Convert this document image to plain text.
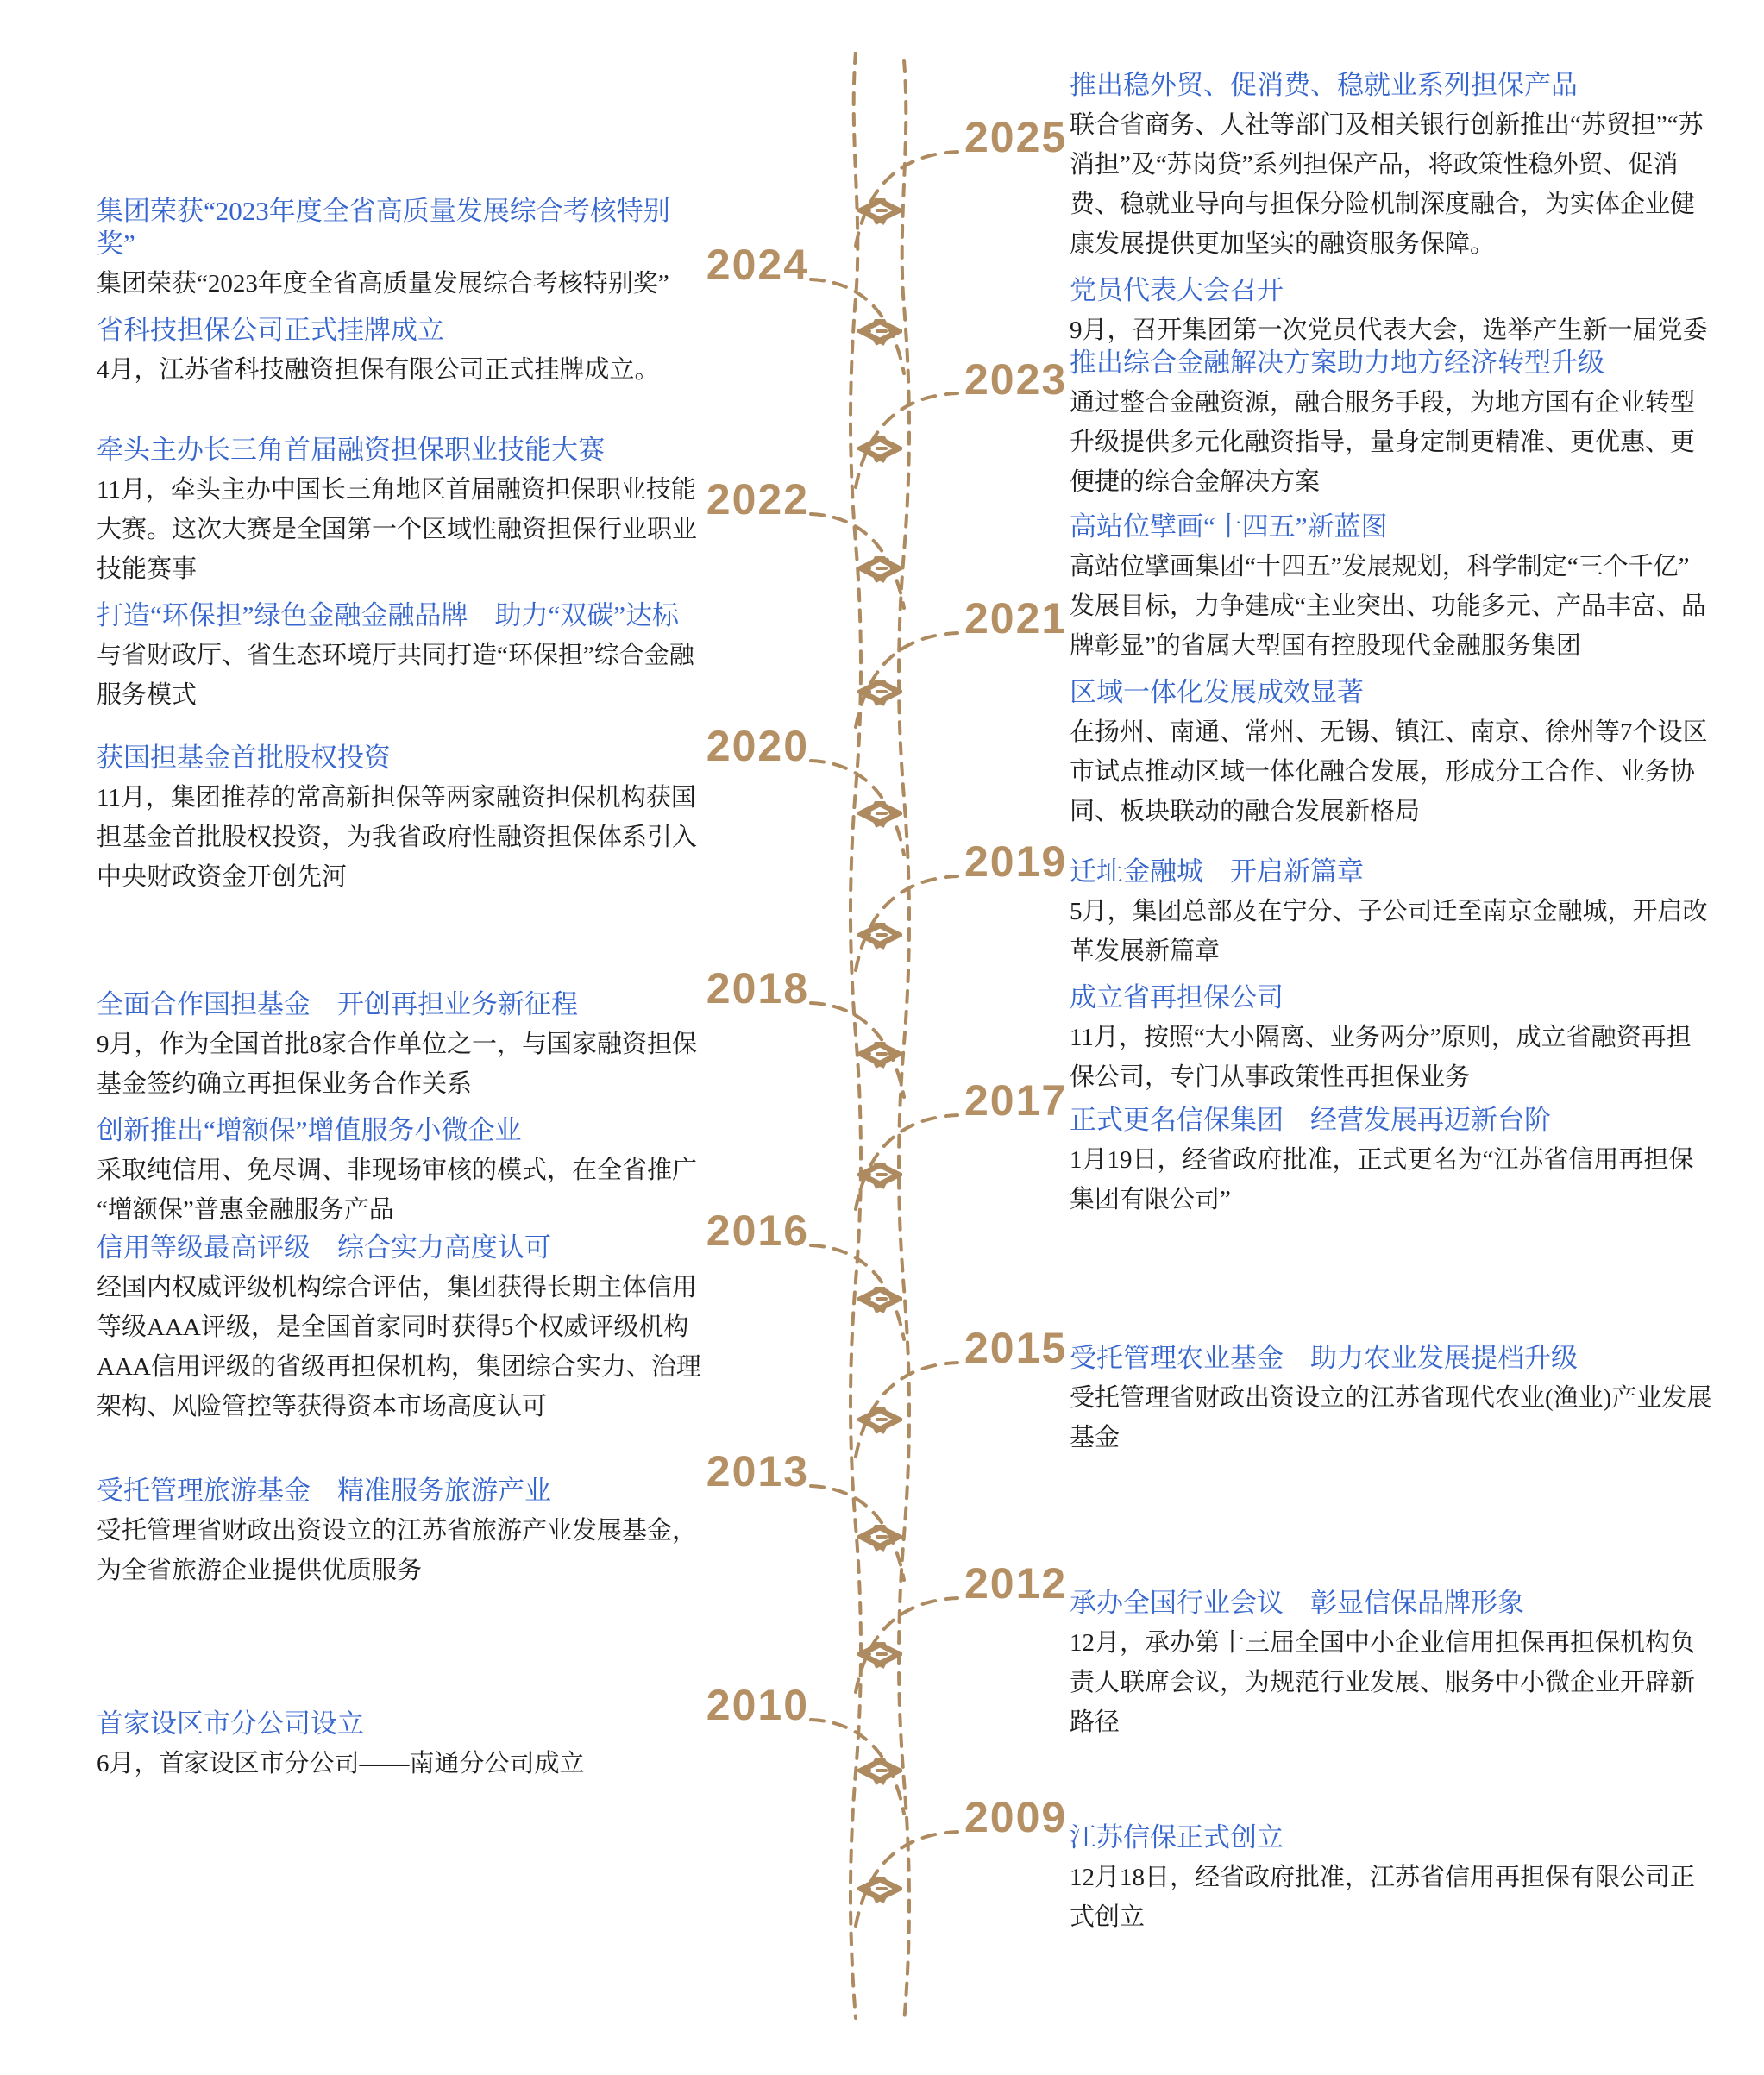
2025
2024
2023
2022
2021
2020
2019
2018
2017
2016
2015
2013
2012
2010
2009
集团荣获“2023年度全省高质量发展综合考核特别奖”

集团荣获“2023年度全省高质量发展综合考核特别奖”

省科技担保公司正式挂牌成立

4月，江苏省科技融资担保有限公司正式挂牌成立。

牵头主办长三角首届融资担保职业技能大赛

11月，牵头主办中国长三角地区首届融资担保职业技能大赛。这次大赛是全国第一个区域性融资担保行业职业技能赛事

打造“环保担”绿色金融金融品牌　助力“双碳”达标

与省财政厅、省生态环境厅共同打造“环保担”综合金融服务模式

获国担基金首批股权投资

11月，集团推荐的常高新担保等两家融资担保机构获国担基金首批股权投资，为我省政府性融资担保体系引入中央财政资金开创先河

全面合作国担基金　开创再担业务新征程

9月，作为全国首批8家合作单位之一，与国家融资担保基金签约确立再担保业务合作关系

创新推出“增额保”增值服务小微企业

采取纯信用、免尽调、非现场审核的模式，在全省推广“增额保”普惠金融服务产品

信用等级最高评级　综合实力高度认可

经国内权威评级机构综合评估，集团获得长期主体信用等级AAA评级，是全国首家同时获得5个权威评级机构AAA信用评级的省级再担保机构，集团综合实力、治理架构、风险管控等获得资本市场高度认可

受托管理旅游基金　精准服务旅游产业

受托管理省财政出资设立的江苏省旅游产业发展基金，为全省旅游企业提供优质服务

首家设区市分公司设立

6月，首家设区市分公司——南通分公司成立

推出稳外贸、促消费、稳就业系列担保产品

联合省商务、人社等部门及相关银行创新推出“苏贸担”“苏消担”及“苏岗贷”系列担保产品，将政策性稳外贸、促消费、稳就业导向与担保分险机制深度融合，为实体企业健康发展提供更加坚实的融资服务保障。

党员代表大会召开

9月，召开集团第一次党员代表大会，选举产生新一届党委

推出综合金融解决方案助力地方经济转型升级

通过整合金融资源，融合服务手段，为地方国有企业转型升级提供多元化融资指导，量身定制更精准、更优惠、更便捷的综合金解决方案

高站位擘画“十四五”新蓝图

高站位擘画集团“十四五”发展规划，科学制定“三个千亿”发展目标，力争建成“主业突出、功能多元、产品丰富、品牌彰显”的省属大型国有控股现代金融服务集团

区域一体化发展成效显著

在扬州、南通、常州、无锡、镇江、南京、徐州等7个设区市试点推动区域一体化融合发展，形成分工合作、业务协同、板块联动的融合发展新格局

迁址金融城　开启新篇章

5月，集团总部及在宁分、子公司迁至南京金融城，开启改革发展新篇章

成立省再担保公司

11月，按照“大小隔离、业务两分”原则，成立省融资再担保公司，专门从事政策性再担保业务

正式更名信保集团　经营发展再迈新台阶

1月19日，经省政府批准，正式更名为“江苏省信用再担保集团有限公司”

受托管理农业基金　助力农业发展提档升级

受托管理省财政出资设立的江苏省现代农业(渔业)产业发展基金

承办全国行业会议　彰显信保品牌形象

12月，承办第十三届全国中小企业信用担保再担保机构负责人联席会议，为规范行业发展、服务中小微企业开辟新路径

江苏信保正式创立

12月18日，经省政府批准，江苏省信用再担保有限公司正式创立
